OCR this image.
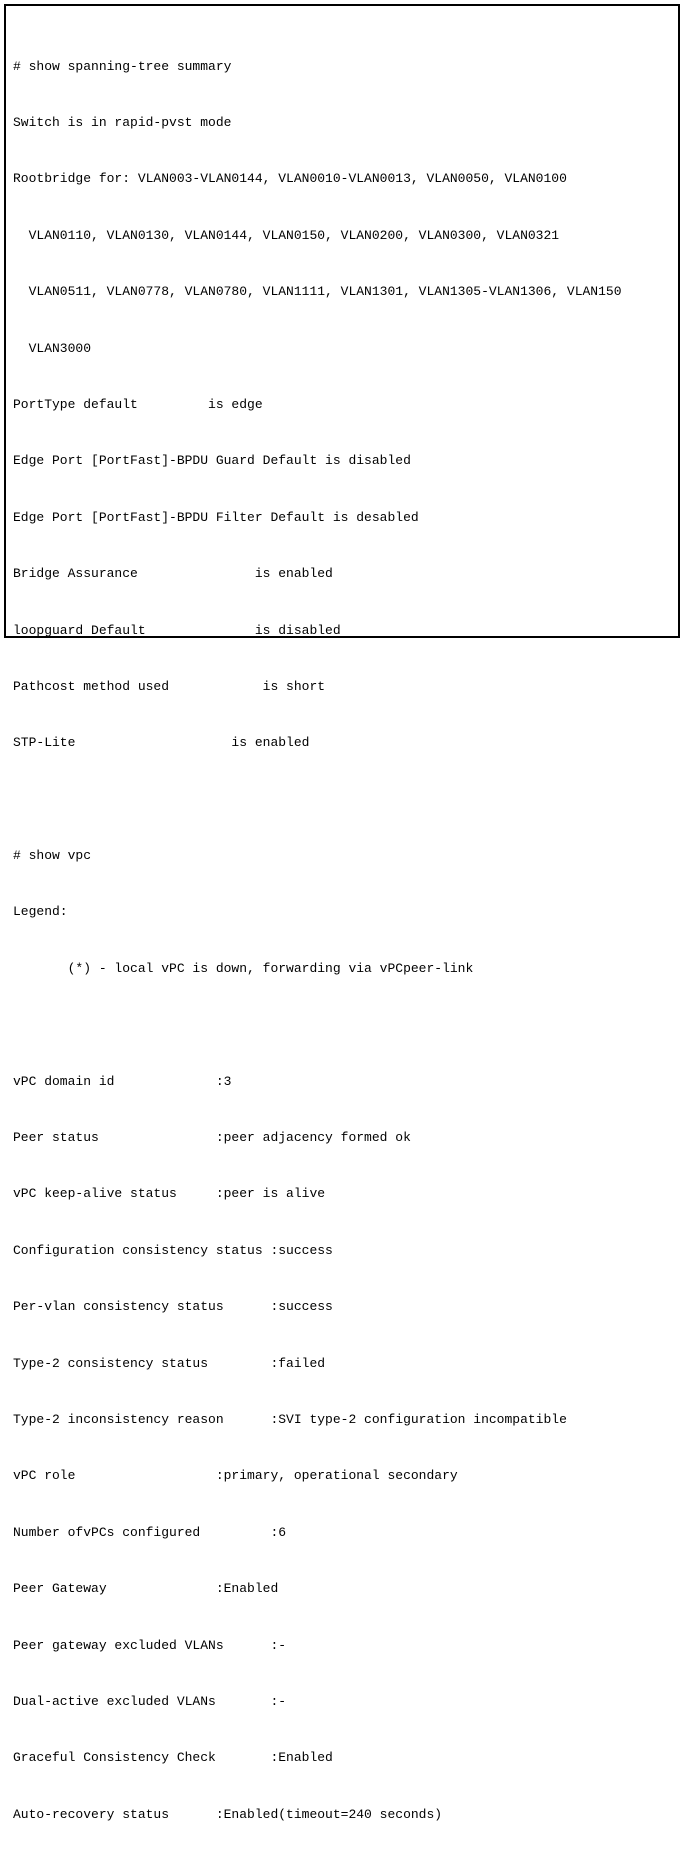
# show spanning-tree summary

Switch is in rapid-pvst mode

Rootbridge for: VLAN003-VLAN0144, VLAN0010-VLAN0013, VLAN0050, VLAN0100

VLAN0110, VLAN0130, VLAN0144, VLAN0150, VLAN0200, VLAN0300, VLAN0321

VLAN0511, VLAN0778, VLAN0780, VLAN1111, VLAN1301, VLAN1305-VLAN1306, VLAN150

VLAN3000

PortType default         is edge

Edge Port [PortFast]-BPDU Guard Default is disabled

Edge Port [PortFast]-BPDU Filter Default is desabled

Bridge Assurance               is enabled

loopguard Default              is disabled

Pathcost method used            is short

STP-Lite                    is enabled

# show vpc

Legend:

(*) - local vPC is down, forwarding via vPCpeer-link

vPC domain id             :3

Peer status               :peer adjacency formed ok

vPC keep-alive status     :peer is alive

Configuration consistency status :success

Per-vlan consistency status      :success

Type-2 consistency status        :failed

Type-2 inconsistency reason      :SVI type-2 configuration incompatible

vPC role                  :primary, operational secondary

Number ofvPCs configured         :6

Peer Gateway              :Enabled

Peer gateway excluded VLANs      :-

Dual-active excluded VLANs       :-

Graceful Consistency Check       :Enabled

Auto-recovery status      :Enabled(timeout=240 seconds)
